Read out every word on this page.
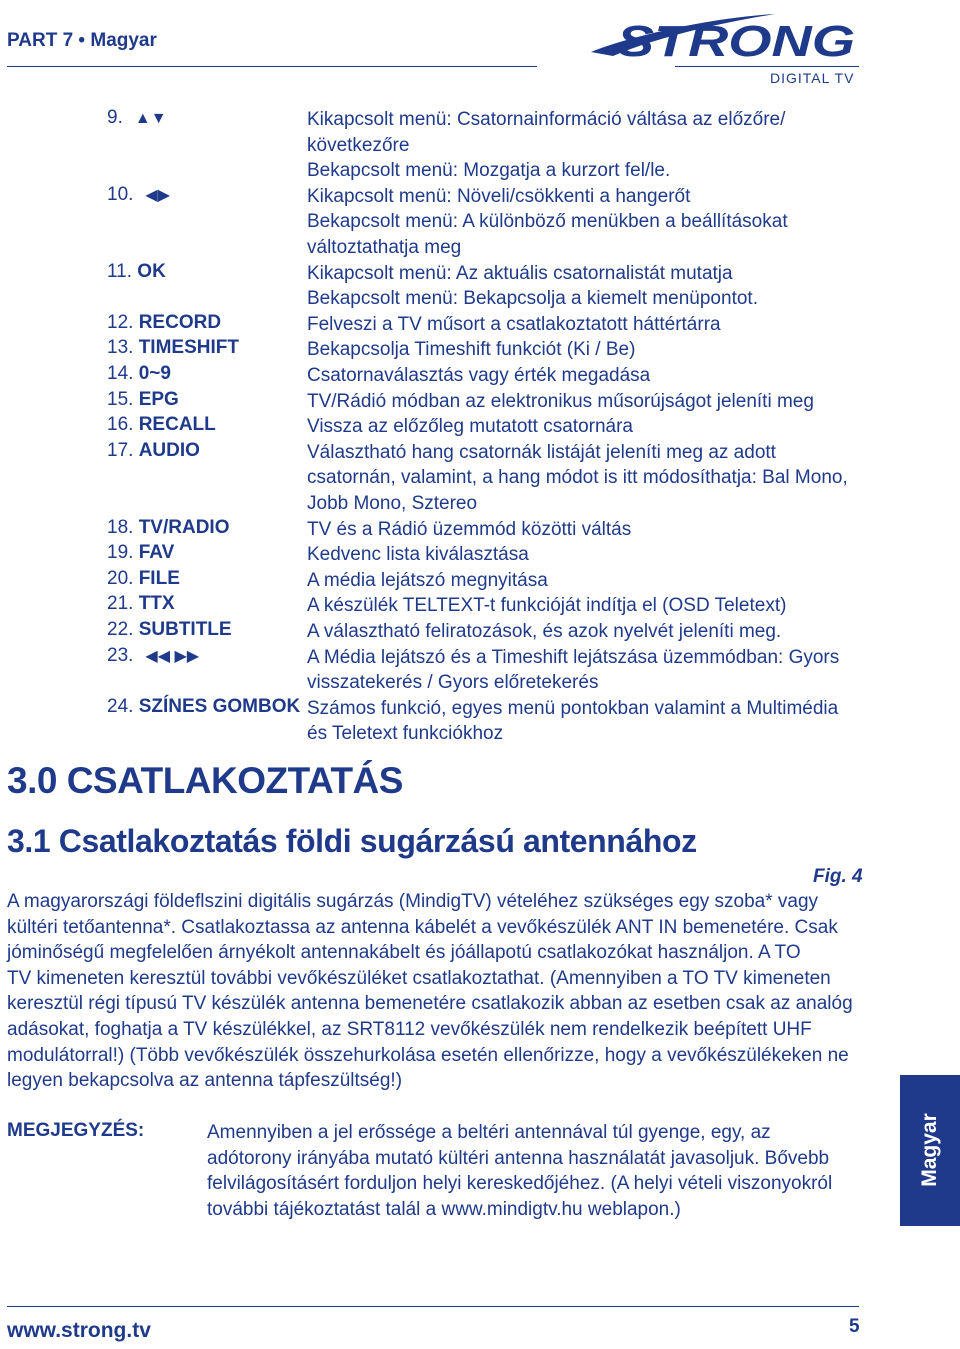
PART 7 • Magyar	STRONG
DIGITAL TV
9. ▲▼	Kikapcsolt menü: Csatornainformáció váltása az előzőre/
következőre
Bekapcsolt menü: Mozgatja a kurzort fel/le.
10. ◀▶	Kikapcsolt menü: Növeli/csökkenti a hangerőt
Bekapcsolt menü: A különböző menükben a beállításokat
változtathatja meg
11. OK	Kikapcsolt menü: Az aktuális csatornalistát mutatja
Bekapcsolt menü: Bekapcsolja a kiemelt menüpontot.
12. RECORD	Felveszi a TV műsort a csatlakoztatott háttértárra
13. TIMESHIFT	Bekapcsolja Timeshift funkciót (Ki / Be)
14. 0~9	Csatornaválasztás vagy érték megadása
15. EPG	TV/Rádió módban az elektronikus műsorújságot jeleníti meg
16. RECALL	Vissza az előzőleg mutatott csatornára
17. AUDIO	Választható hang csatornák listáját jeleníti meg az adott
csatornán, valamint, a hang módot is itt módosíthatja: Bal Mono,
Jobb Mono, Sztereo
18. TV/RADIO	TV és a Rádió üzemmód közötti váltás
19. FAV	Kedvenc lista kiválasztása
20. FILE	A média lejátszó megnyitása
21. TTX	A készülék TELTEXT-t funkcióját indítja el (OSD Teletext)
22. SUBTITLE	A választható feliratozások, és azok nyelvét jeleníti meg.
23. ◀◀ ▶▶	A Média lejátszó és a Timeshift lejátszása üzemmódban: Gyors
visszatekerés / Gyors előretekerés
24. SZÍNES GOMBOK Számos funkció, egyes menü pontokban valamint a Multimédia
és Teletext funkciókhoz
3.0 CSATLAKOZTATÁS
3.1 Csatlakoztatás földi sugárzású antennához
Fig. 4
A magyarországi földeflszini digitális sugárzás (MindigTV) vételéhez szükséges egy szoba* vagy
kültéri tetőantenna*. Csatlakoztassa az antenna kábelét a vevőkészülék ANT IN bemenetére. Csak
jóminőségű megfelelően árnyékolt antennakábelt és jóállapotú csatlakozókat használjon. A TO
TV kimeneten keresztül további vevőkészüléket csatlakoztathat. (Amennyiben a TO TV kimeneten
keresztül régi típusú TV készülék antenna bemenetére csatlakozik abban az esetben csak az analóg
adásokat, foghatja a TV készülékkel, az SRT8112 vevőkészülék nem rendelkezik beépített UHF
modulátorral!) (Több vevőkészülék összehurkolása esetén ellenőrizze, hogy a vevőkészülékeken ne
legyen bekapcsolva az antenna tápfeszültség!)
MEGJEGYZÉS:	Amennyiben a jel erőssége a beltéri antennával túl gyenge, egy, az
adótorony irányába mutató kültéri antenna használatát javasoljuk. Bővebb
felvilágosításért forduljon helyi kereskedőjéhez. (A helyi vételi viszonyokról
további tájékoztatást talál a www.mindigtv.hu weblapon.)
Magyar
www.strong.tv	5
